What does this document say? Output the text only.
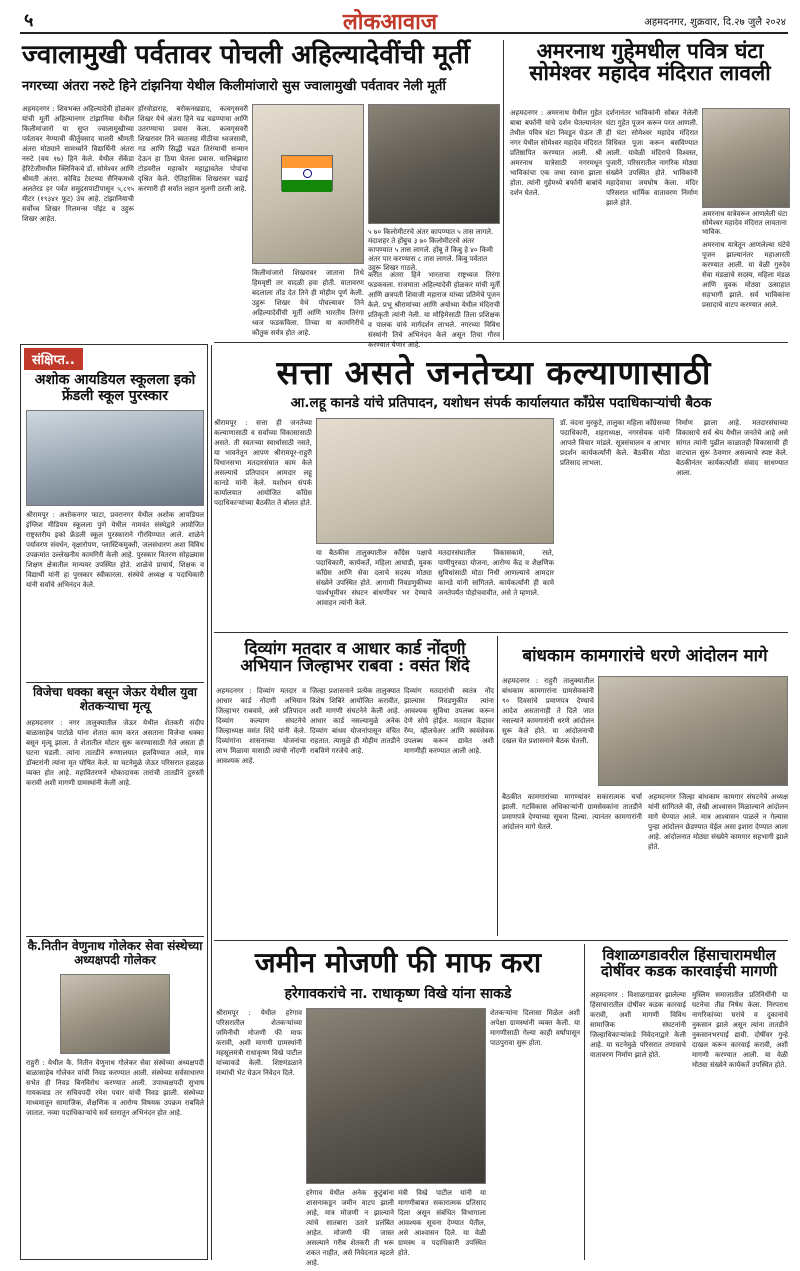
५	लोकआवाज	अहमदनगर, शुक्रवार, दि.२७ जुलै २०२४
ज्वालामुखी पर्वतावर पोचली अहिल्यादेवींची मूर्ती
नगरच्या अंतरा नरुटे हिने टांझनिया येथील किलीमांजारो सुस ज्वालामुखी पर्वतावर नेली मूर्ती
अहमदनगर : शिवभक्त अहिल्यादेवी होळकर यांची मूर्ती अहिल्यानगर टांझानिया येथील किलीमांजारो या सुप्त ज्वालामुखीच्या पर्वतावर नेण्याची कीर्तुवसाद चालरी श्रीमती अंतरा मोठ्याने सामर्थ्याने विद्यार्थिनी अंतरा नरुटे (वय १७) हिने केले. येथील सेंकेंडा हेरिटेजीमधील क्लिनिकचे डॉ. सोमेश्वर आणि श्रीमती अंतरा. कोविड टेस्टच्या सैनिकमध्ये अलतेरड हर पर्वत समुद्रसपाटीपासून ५,८९५ मीटर (१९३४१ फूट) उंच आहे. टांझानियाची सर्वोच्च शिखर गिलमन्स पॉइंट व उहुरू शिखर आहेत.
हॉरवोडाराह, बरोकनखडाद, कत्वगृसवरी शिखर येथे अंतरा हिने चढ चढण्याचा आणि उतरण्याचा प्रवास केला. कत्वगृसवरी शिखरावर तिने स्वतःसह मीठीचा ध्वजसावी, गड आणि सिद्धी चढत तिरंग्याची सन्मान देऊन हा ठिया घेतला प्रवास. चालिबंझारा टोडवरील महाकोर महाद्वावतेल पोपांचा दृश्रित केले. ऐतिहासिक शिखरावर चढाई करणारी ही सर्वात लहान मुलगी ठरली आहे.
किलीमांजारो शिखरावर जाताना तिथे हिमवृष्टी तर वादळी हवा होती. वातावरण बदलाला तोंड देत तिने ही मोहीम पूर्ण केली. उहुरू शिखर येथे पोचल्यावर तिने अहिल्यादेवींची मूर्ती आणि भारतीय तिरंगा ध्वज फडकविला. तिच्या या कामगिरीचे कौतुक सर्वत्र होत आहे.
५ ७० किलोमीटरचे अंतर कापण्यात ५ तास लागले. मंदाशहर ते होंबुच ३ ७० किलोमीटरचे अंतर कापण्यात ५ तास लागले. होंबू ते किबु हे ४० किमी अंतर पार करण्यास ८ तास लागले. किबु पर्वतात उहुरू शिखर गाठले.
करीत अंतरा हिने भारताचा राष्ट्रध्वज तिरंगा फडकवला. राजमाता अहिल्यादेवी होळकर यांची मूर्ती आणि छत्रपती शिवाजी महाराज यांच्या प्रतिमेचे पूजन केले. प्रभू श्रीरामांच्या आणि अयोध्या येथील मंदिराची प्रतिकृती त्यांनी नेली. या मोहिमेसाठी तिला प्रशिक्षक व पालक यांचे मार्गदर्शन लाभले. नगरच्या विविध संस्थांनी तिचे अभिनंदन केले असून तिचा गौरव करण्यात येणार आहे.
अमरनाथ गुहेमधील पवित्र घंटा सोमेश्वर महादेव मंदिरात लावली
अहमदनगर : अमरनाथ येथील गुहेत बाबा बर्फानी यांचे दर्शन घेतल्यानंतर तेथील पवित्र घंटा निवडून घेऊन ती नगर येथील सोमेश्वर महादेव मंदिरात प्रतिष्ठापित करण्यात आली. श्री अमरनाथ यात्रेसाठी नगरमधून भाविकांचा एक जथा रवाना झाला होता. त्यांनी गुहेमध्ये बर्फानी बाबांचे दर्शन घेतले.
दर्शनानंतर भाविकांनी सोबत नेलेली घंटा गुहेत पूजन करून परत आणली. ही घंटा सोमेश्वर महादेव मंदिरात विधिवत पूजा करून बसविण्यात आली. यावेळी मंदिराचे विश्वस्त, पुजारी, परिसरातील नागरिक मोठ्या संख्येने उपस्थित होते. भाविकांनी महादेवाचा जयघोष केला. मंदिर परिसरात धार्मिक वातावरण निर्माण झाले होते.
अमरनाथ यात्रेवरून आणलेली घंटा सोमेश्वर महादेव मंदिरात लावताना भाविक.
अमरनाथ यात्रेतून आणलेल्या घंटेचे पूजन झाल्यानंतर महाआरती करण्यात आली. या वेळी गुरुदेव सेवा मंडळाचे सदस्य, महिला मंडळ आणि युवक मोठ्या उत्साहात सहभागी झाले. सर्व भाविकांना प्रसादाचे वाटप करण्यात आले.
संक्षिप्त..
अशोक आयडियल स्कूलला इको फ्रेंडली स्कूल पुरस्कार
श्रीरामपूर : अशोकनगर फाटा, प्रवरानगर येथील अशोक आयडियल इंग्लिश मीडियम स्कूलला पुणे येथील नामवंत संस्थेद्वारे आयोजित राष्ट्रस्तरीय इको फ्रेंडली स्कूल पुरस्काराने गौरविण्यात आले. शाळेने पर्यावरण संवर्धन, वृक्षारोपण, प्लास्टिकमुक्ती, जलसंधारण अशा विविध उपक्रमांत उल्लेखनीय कामगिरी केली आहे. पुरस्कार वितरण सोहळ्यास शिक्षण क्षेत्रातील मान्यवर उपस्थित होते. शाळेचे प्राचार्य, शिक्षक व विद्यार्थी यांनी हा पुरस्कार स्वीकारला. संस्थेचे अध्यक्ष व पदाधिकारी यांनी सर्वांचे अभिनंदन केले.
विजेचा धक्का बसून जेऊर येथील युवा शेतकऱ्याचा मृत्यू
अहमदनगर : नगर तालुक्यातील जेऊर येथील शेतकरी संदीप बाळासाहेब पाटोळे यांना शेतात काम करत असताना विजेचा धक्का बसून मृत्यू झाला. ते शेतातील मोटार सुरू करण्यासाठी गेले असता ही घटना घडली. त्यांना तातडीने रुग्णालयात हलविण्यात आले, मात्र डॉक्टरांनी त्यांना मृत घोषित केले. या घटनेमुळे जेऊर परिसरात हळहळ व्यक्त होत आहे. महावितरणने धोकादायक तारांची तातडीने दुरुस्ती करावी अशी मागणी ग्रामस्थांनी केली आहे.
कै.नितीन वेणुनाथ गोलेकर सेवा संस्थेच्या अध्यक्षपदी गोलेकर
राहुरी : येथील कै. नितीन वेणुनाथ गोलेकर सेवा संस्थेच्या अध्यक्षपदी बाळासाहेब गोलेकर यांची निवड करण्यात आली. संस्थेच्या सर्वसाधारण सभेत ही निवड बिनविरोध करण्यात आली. उपाध्यक्षपदी सुभाष गायकवाड तर सचिवपदी रमेश पवार यांची निवड झाली. संस्थेच्या माध्यमातून सामाजिक, शैक्षणिक व आरोग्य विषयक उपक्रम राबविले जातात. नव्या पदाधिकाऱ्यांचे सर्व स्तरातून अभिनंदन होत आहे.
सत्ता असते जनतेच्या कल्याणासाठी
आ.लहू कानडे यांचे प्रतिपादन, यशोधन संपर्क कार्यालयात काँग्रेस पदाधिकाऱ्यांची बैठक
श्रीरामपूर : सत्ता ही जनतेच्या कल्याणासाठी व सर्वांच्या विकासासाठी असते. ती स्वतःच्या स्वार्थासाठी नसते, या भावनेतून आपण श्रीरामपूर-राहुरी विधानसभा मतदारसंघात काम केले असल्याचे प्रतिपादन आमदार लहू कानडे यांनी केले. यशोधन संपर्क कार्यालयात आयोजित काँग्रेस पदाधिकाऱ्यांच्या बैठकीत ते बोलत होते.
या बैठकीस तालुक्यातील काँग्रेस पक्षाचे पदाधिकारी, कार्यकर्ते, महिला आघाडी, युवक काँग्रेस आणि सेवा दलाचे सदस्य मोठ्या संख्येने उपस्थित होते. आगामी निवडणुकीच्या पार्श्वभूमीवर संघटन बांधणीवर भर देण्याचे आवाहन त्यांनी केले.
मतदारसंघातील विकासकामे, रस्ते, पाणीपुरवठा योजना, आरोग्य केंद्र व शैक्षणिक सुविधांसाठी मोठा निधी आणल्याचे आमदार कानडे यांनी सांगितले. कार्यकर्त्यांनी ही कामे जनतेपर्यंत पोहोचवावीत, असे ते म्हणाले.
डॉ. वंदना मुरकुटे, तालुका महिला काँग्रेसच्या पदाधिकारी, शहराध्यक्ष, नगरसेवक यांनी आपले विचार मांडले. सूत्रसंचालन व आभार प्रदर्शन कार्यकर्त्यांनी केले. बैठकीस मोठा प्रतिसाद लाभला.
निर्माण झाला आहे. मतदारसंघाच्या विकासाचे सर्व श्रेय येथील जनतेचे आहे असे सांगत त्यांनी पुढील काळातही विकासाची ही वाटचाल सुरू ठेवणार असल्याचे स्पष्ट केले. बैठकीनंतर कार्यकर्त्यांशी संवाद साधण्यात आला.
दिव्यांग मतदार व आधार कार्ड नोंदणी अभियान जिल्हाभर राबवा : वसंत शिंदे
अहमदनगर : दिव्यांग मतदार व आधार कार्ड नोंदणी अभियान जिल्हाभर राबवावे, असे प्रतिपादन दिव्यांग कल्याण संघटनेचे जिल्हाध्यक्ष वसंत शिंदे यांनी केले. दिव्यांगांना शासनाच्या योजनांचा लाभ मिळावा यासाठी त्यांची नोंदणी आवश्यक आहे.
जिल्हा प्रशासनाने प्रत्येक तालुक्यात विशेष शिबिरे आयोजित करावीत, अशी मागणी संघटनेने केली आहे. आधार कार्ड नसल्यामुळे अनेक दिव्यांग बांधव योजनांपासून वंचित राहतात. त्यामुळे ही मोहीम तातडीने राबविणे गरजेचे आहे.
दिव्यांग मतदारांची स्वतंत्र नोंद झाल्यास निवडणुकीत त्यांना आवश्यक सुविधा उपलब्ध करून देणे सोपे होईल. मतदान केंद्रावर रॅम्प, व्हीलचेअर आणि स्वयंसेवक उपलब्ध करून द्यावेत अशी मागणीही करण्यात आली आहे.
बांधकाम कामगारांचे धरणे आंदोलन मागे
अहमदनगर : राहुरी तालुक्यातील बांधकाम कामगारांना ग्रामसेवकांनी ९० दिवसांचे प्रमाणपत्र देण्याचे आदेश असतानाही ते दिले जात नसल्याने कामगारांनी धरणे आंदोलन सुरू केले होते. या आंदोलनाची दखल घेत प्रशासनाने बैठक घेतली.
बैठकीत कामगारांच्या मागण्यांवर सकारात्मक चर्चा झाली. गटविकास अधिकाऱ्यांनी ग्रामसेवकांना तातडीने प्रमाणपत्रे देण्याच्या सूचना दिल्या. त्यानंतर कामगारांनी आंदोलन मागे घेतले.
अहमदनगर जिल्हा बांधकाम कामगार संघटनेचे अध्यक्ष यांनी सांगितले की, लेखी आश्वासन मिळाल्याने आंदोलन मागे घेण्यात आले. मात्र आश्वासन पाळले न गेल्यास पुन्हा आंदोलन छेडण्यात येईल असा इशारा देण्यात आला आहे. आंदोलनात मोठ्या संख्येने कामगार सहभागी झाले होते.
जमीन मोजणी फी माफ करा
हरेगावकरांचे ना. राधाकृष्ण विखे यांना साकडे
श्रीरामपूर : येथील हरेगाव परिसरातील शेतकऱ्यांच्या जमिनीची मोजणी फी माफ करावी, अशी मागणी ग्रामस्थांनी महसूलमंत्री राधाकृष्ण विखे पाटील यांच्याकडे केली. शिष्टमंडळाने मंत्र्यांची भेट घेऊन निवेदन दिले.
हरेगाव येथील अनेक कुटुंबांना शासनाकडून जमीन वाटप झाली आहे, मात्र मोजणी न झाल्याने त्यांचे सातबारा उतारे प्रलंबित आहेत. मोजणी फी जास्त असल्याने गरीब शेतकरी ती भरू शकत नाहीत, असे निवेदनात म्हटले आहे.
मंत्री विखे पाटील यांनी या मागणीबाबत सकारात्मक प्रतिसाद दिला असून संबंधित विभागाला आवश्यक सूचना देण्यात येतील, असे आश्वासन दिले. या वेळी ग्रामस्थ व पदाधिकारी उपस्थित होते.
शेतकऱ्यांना दिलासा मिळेल अशी अपेक्षा ग्रामस्थांनी व्यक्त केली. या मागणीसाठी गेल्या काही वर्षांपासून पाठपुरावा सुरू होता.
विशाळगडावरील हिंसाचारामधील दोषींवर कडक कारवाईची मागणी
अहमदनगर : विशाळगडावर झालेल्या हिंसाचारातील दोषींवर कडक कारवाई करावी, अशी मागणी विविध सामाजिक संघटनांनी जिल्हाधिकाऱ्यांकडे निवेदनाद्वारे केली आहे. या घटनेमुळे परिसरात तणावाचे वातावरण निर्माण झाले होते.
मुस्लिम समाजातील प्रतिनिधींनी या घटनेचा तीव्र निषेध केला. निरपराध नागरिकांच्या घरांचे व दुकानांचे नुकसान झाले असून त्यांना तातडीने नुकसानभरपाई द्यावी. दोषींवर गुन्हे दाखल करून कारवाई करावी, अशी मागणी करण्यात आली. या वेळी मोठ्या संख्येने कार्यकर्ते उपस्थित होते.
